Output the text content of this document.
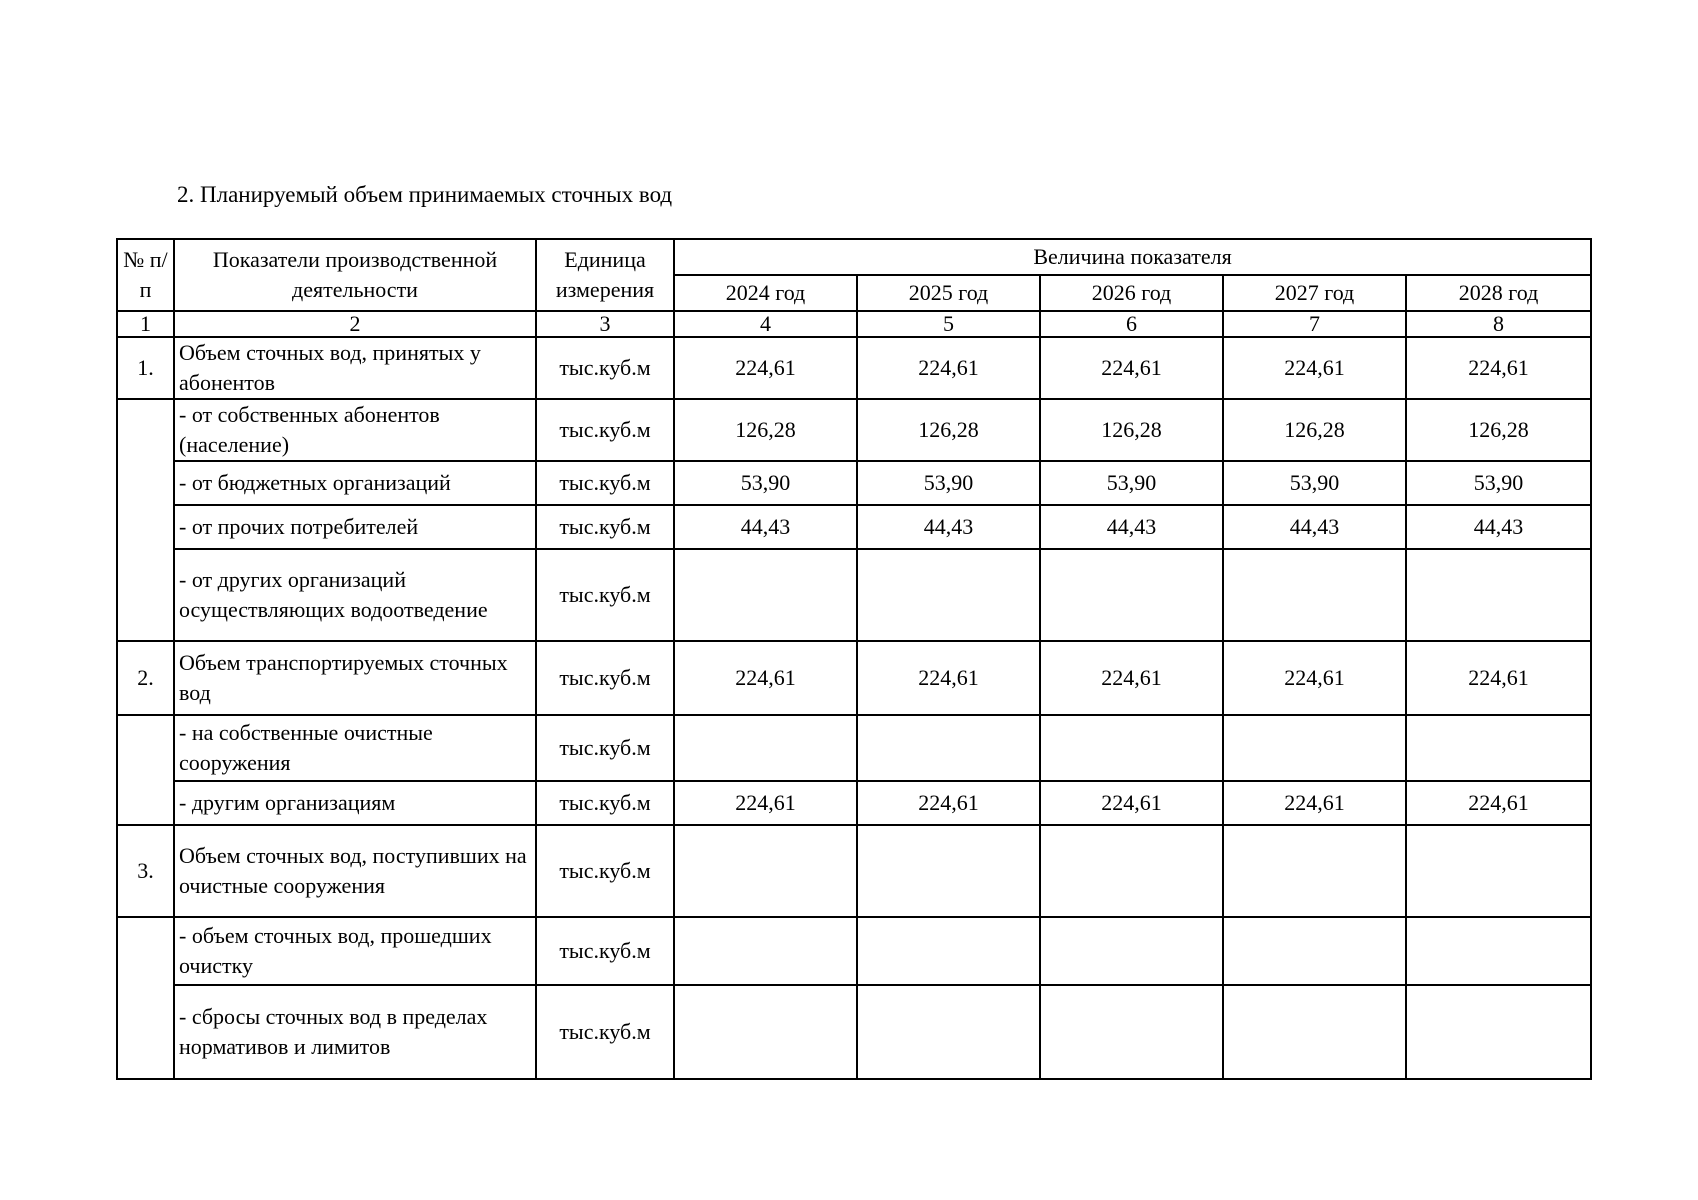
2. Планируемый объем принимаемых сточных вод
№ п/п	Показатели производственной деятельности	Единица измерения	Величина показателя				
			2024 год	2025 год	2026 год	2027 год	2028 год
1	2	3	4	5	6	7	8
1.	Объем сточных вод, принятых у абонентов	тыс.куб.м	224,61	224,61	224,61	224,61	224,61
	- от собственных абонентов (население)	тыс.куб.м	126,28	126,28	126,28	126,28	126,28
	- от бюджетных организаций	тыс.куб.м	53,90	53,90	53,90	53,90	53,90
	- от прочих потребителей	тыс.куб.м	44,43	44,43	44,43	44,43	44,43
	- от других организаций осуществляющих водоотведение	тыс.куб.м					
2.	Объем транспортируемых сточных вод	тыс.куб.м	224,61	224,61	224,61	224,61	224,61
	- на собственные очистные сооружения	тыс.куб.м					
	- другим организациям	тыс.куб.м	224,61	224,61	224,61	224,61	224,61
3.	Объем сточных вод, поступивших на очистные сооружения	тыс.куб.м					
	- объем сточных вод, прошедших очистку	тыс.куб.м					
	- сбросы сточных вод в пределах нормативов и лимитов	тыс.куб.м					
